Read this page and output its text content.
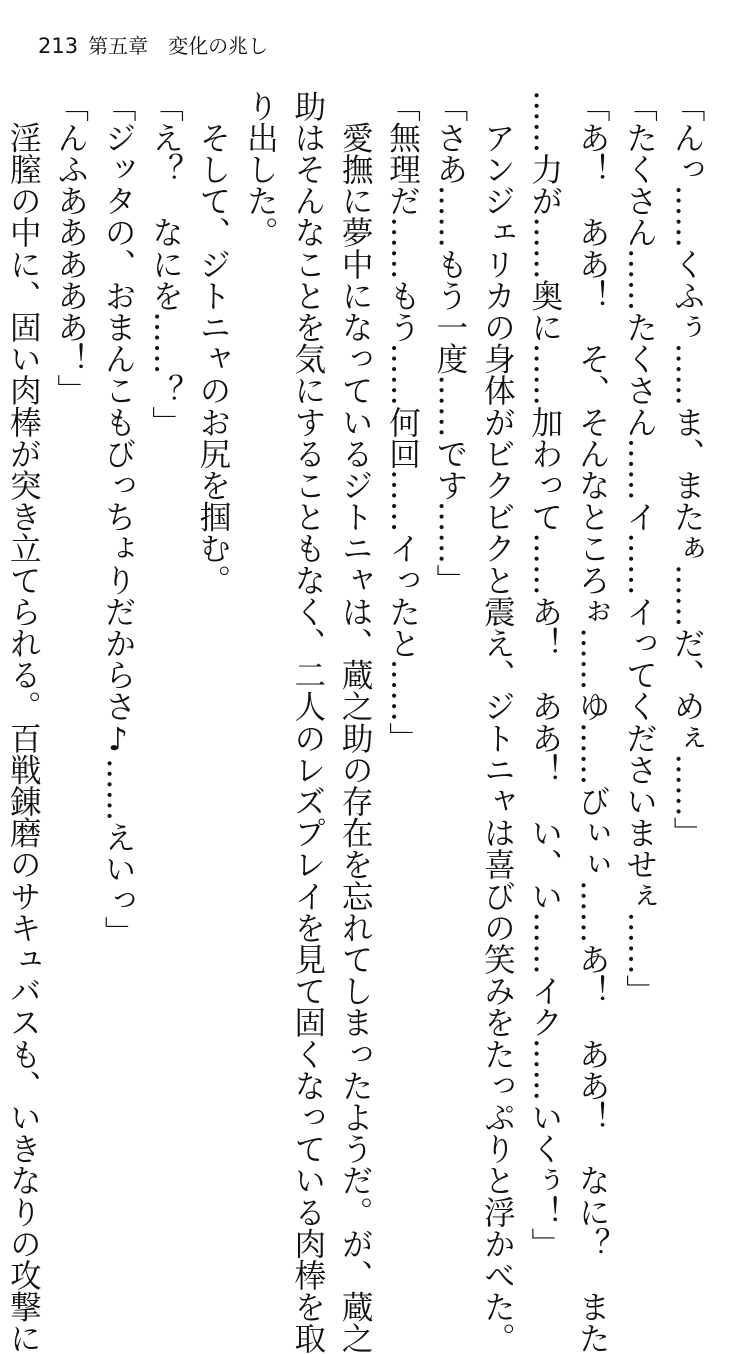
213 第五章　変化の兆し

「んっ……くふぅ……ま、またぁ……だ、めぇ……」

「たくさん……たくさん……イ……イってくださいませぇ……」

「あ！　ああ！　そ、そんなところぉ……ゆ……びぃぃ……あ！　ああ！　なに？　また

……力が……奥に……加わって……あ！　ああ！　い、い……イク……いくぅ！」

　アンジェリカの身体がビクビクと震え、ジトニャは喜びの笑みをたっぷりと浮かべた。

「さあ……もう一度……です……」

「無理だ……もう……何回……イったと……」

　愛撫に夢中になっているジトニャは、蔵之助の存在を忘れてしまったようだ。が、蔵之

助はそんなことを気にすることもなく、二人のレズプレイを見て固くなっている肉棒を取

り出した。

　そして、ジトニャのお尻を掴む。

「え？　なにを……？」

「ジッタの、おまんこもびっちょりだからさ♪……えいっ」

「んふあああああ！」

　淫膣の中に、固い肉棒が突き立てられる。百戦錬磨のサキュバスも、いきなりの攻撃に
